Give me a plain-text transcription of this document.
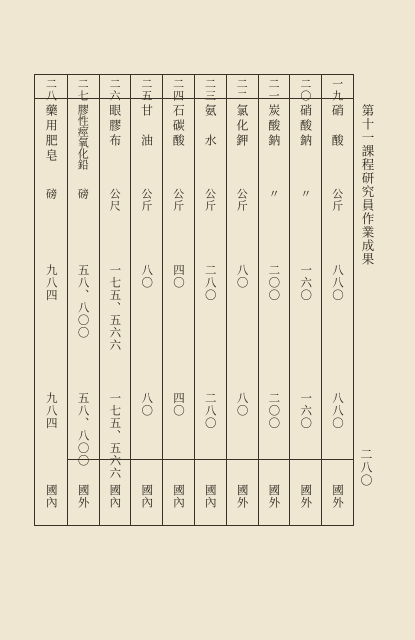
第十一課程研究員作業成果
二八〇
一九
硝　酸
公斤
八八〇
八八〇
國外
二〇
硝酸鈉
〃
一六〇
一六〇
國外
二一
炭酸鈉
〃
二〇〇
二〇〇
國外
二二
氯化鉀
公斤
八〇
八〇
國外
二三
氨　水
公斤
二八〇
二八〇
國內
二四
石碳酸
公斤
四〇
四〇
國內
二五
甘　油
公斤
八〇
八〇
國內
二六
眼膠布
公尺
一七五、五六六
一七五、五六六
國內
二七
膠性痙氧化鉛
磅
五八、八〇〇
五八、八〇〇
國外
二八
藥用肥皂
磅
九八四
九八四
國內
